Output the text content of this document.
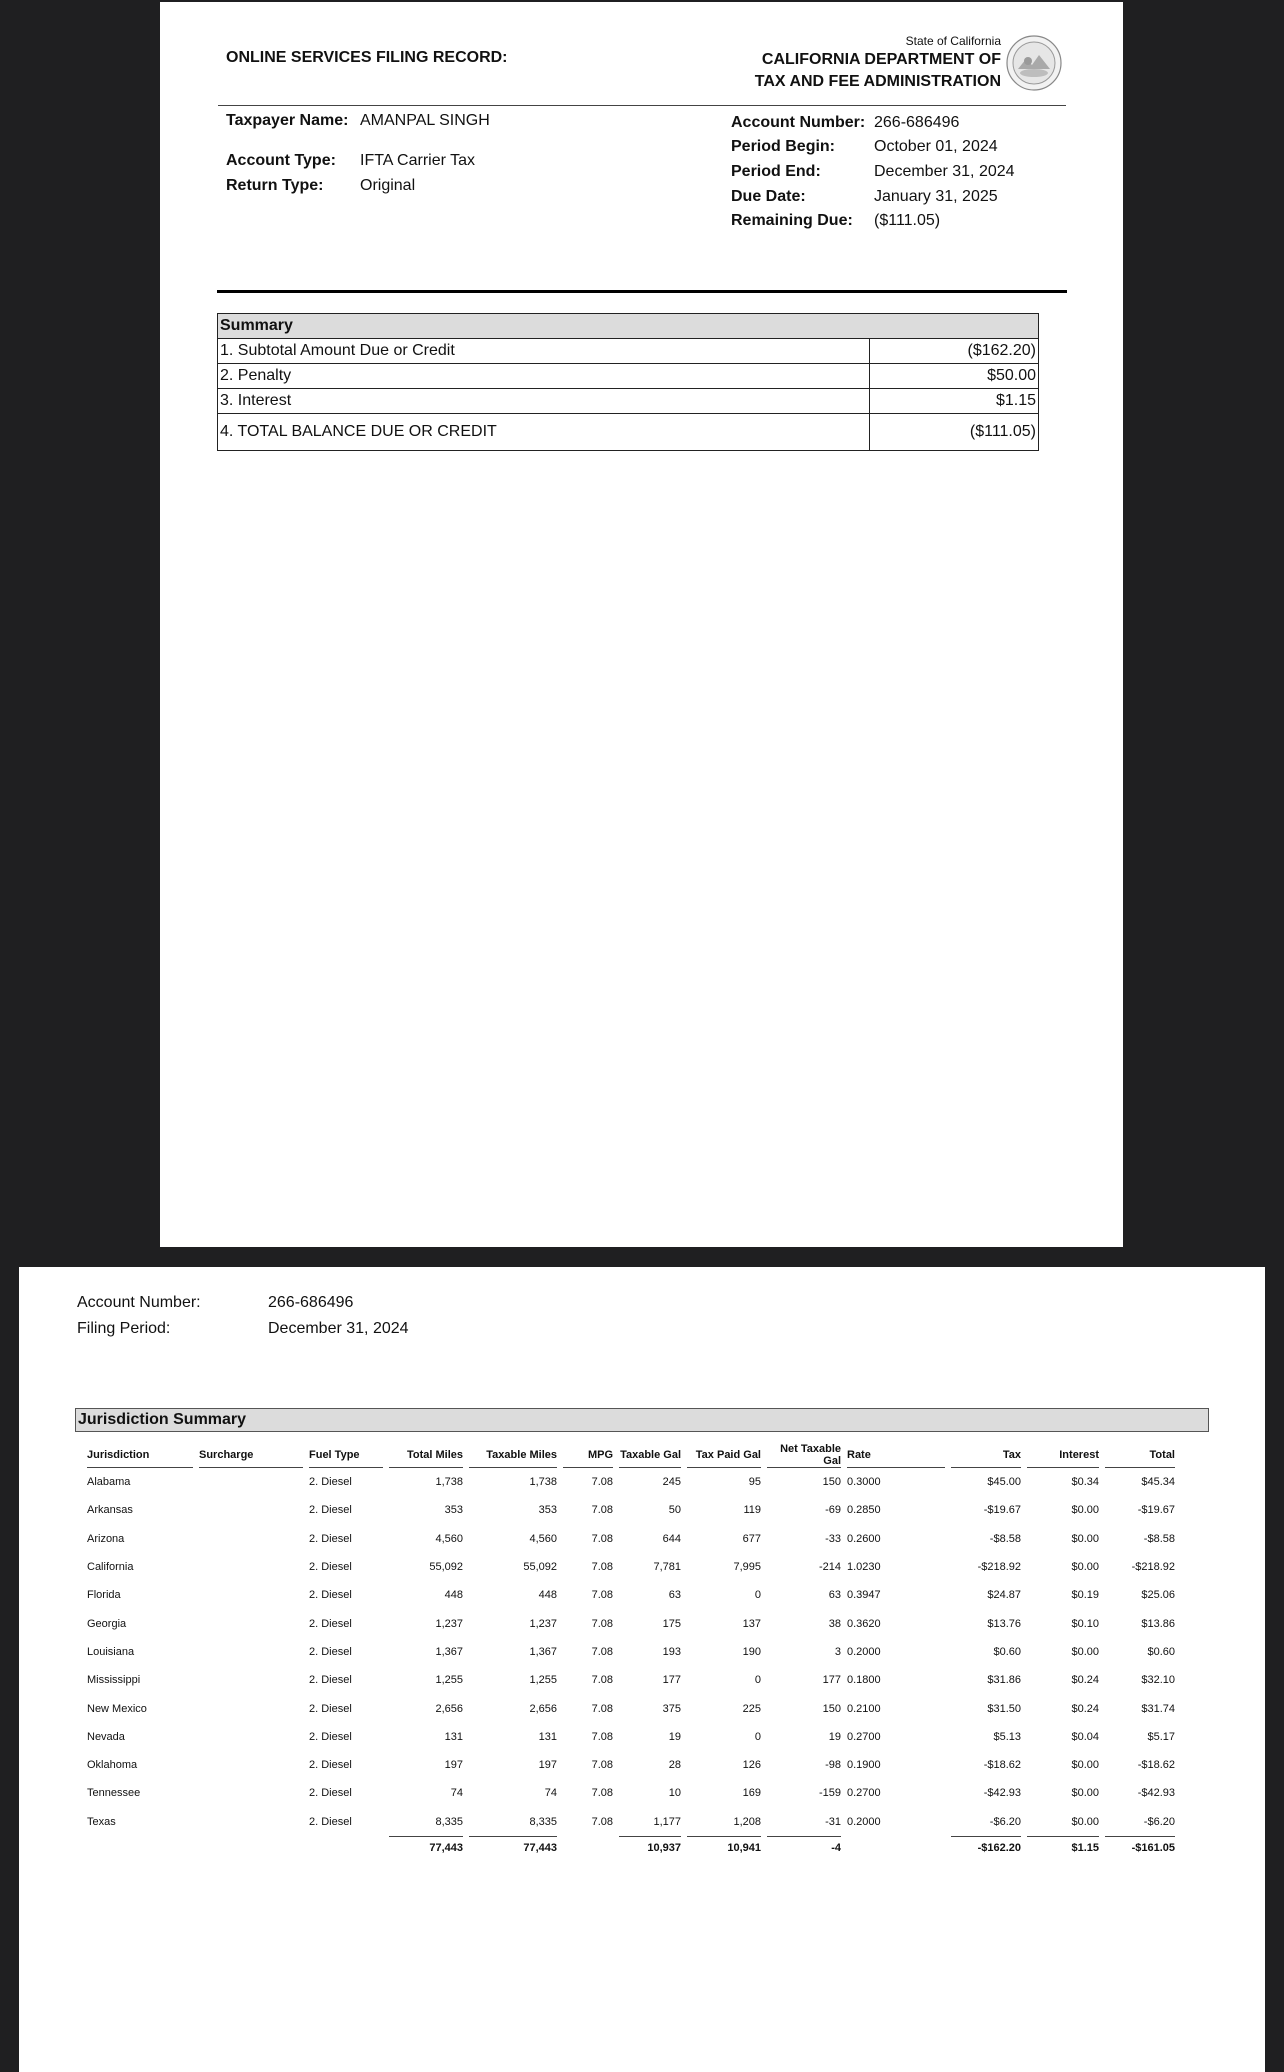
ONLINE SERVICES FILING RECORD:
State of California
CALIFORNIA DEPARTMENT OF
TAX AND FEE ADMINISTRATION
Taxpayer Name: AMANPAL SINGH
Account Type: IFTA Carrier Tax
Return Type: Original
Account Number: 266-686496
Period Begin: October 01, 2024
Period End:	December 31, 2024
Due Date:	January 31, 2025
Remaining Due: ($111.05)
Summary	
1. Subtotal Amount Due or Credit	($162.20)
2. Penalty	$50.00
3. Interest	$1.15
4. TOTAL BALANCE DUE OR CREDIT	($111.05)
Account Number:	266-686496
Filing Period:	December 31, 2024
Jurisdiction Summary
Jurisdiction		Surcharge		Fuel Type		Total Miles		Taxable Miles		MPG		Taxable Gal		Tax Paid Gal		Net Taxable Gal		Rate		Tax		Interest		Total
Alabama				2. Diesel		1,738		1,738		7.08		245		95		150		0.3000		$45.00		$0.34		$45.34
Arkansas				2. Diesel		353		353		7.08		50		119		-69		0.2850		-$19.67		$0.00		-$19.67
Arizona				2. Diesel		4,560		4,560		7.08		644		677		-33		0.2600		-$8.58		$0.00		-$8.58
California				2. Diesel		55,092		55,092		7.08		7,781		7,995		-214		1.0230		-$218.92		$0.00		-$218.92
Florida				2. Diesel		448		448		7.08		63		0		63		0.3947		$24.87		$0.19		$25.06
Georgia				2. Diesel		1,237		1,237		7.08		175		137		38		0.3620		$13.76		$0.10		$13.86
Louisiana				2. Diesel		1,367		1,367		7.08		193		190		3		0.2000		$0.60		$0.00		$0.60
Mississippi				2. Diesel		1,255		1,255		7.08		177		0		177		0.1800		$31.86		$0.24		$32.10
New Mexico				2. Diesel		2,656		2,656		7.08		375		225		150		0.2100		$31.50		$0.24		$31.74
Nevada				2. Diesel		131		131		7.08		19		0		19		0.2700		$5.13		$0.04		$5.17
Oklahoma				2. Diesel		197		197		7.08		28		126		-98		0.1900		-$18.62		$0.00		-$18.62
Tennessee				2. Diesel		74		74		7.08		10		169		-159		0.2700		-$42.93		$0.00		-$42.93
Texas				2. Diesel		8,335		8,335		7.08		1,177		1,208		-31		0.2000		-$6.20		$0.00		-$6.20
						77,443		77,443				10,937		10,941		-4				-$162.20		$1.15		-$161.05
